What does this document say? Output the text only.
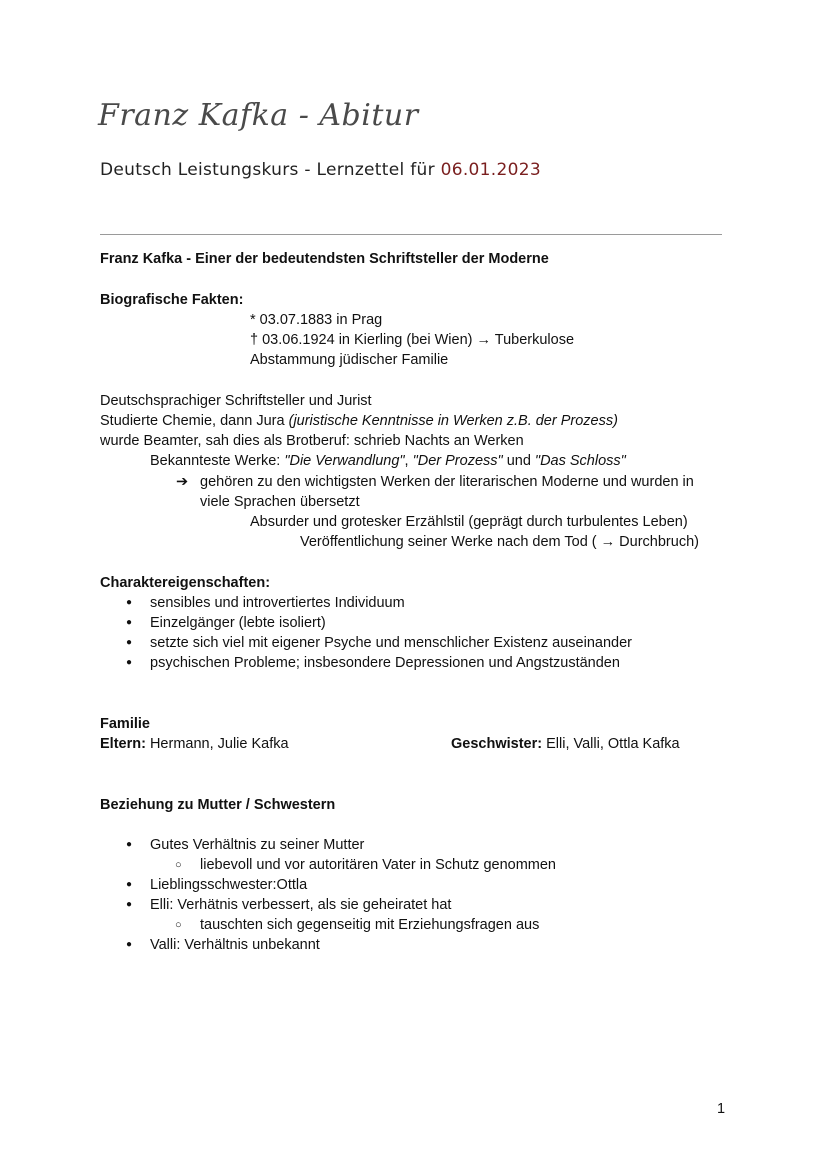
Franz Kafka - Abitur
Deutsch Leistungskurs - Lernzettel für 06.01.2023
Franz Kafka - Einer der bedeutendsten Schriftsteller der Moderne
Biografische Fakten:
* 03.07.1883 in Prag
† 03.06.1924 in Kierling (bei Wien) → Tuberkulose
Abstammung jüdischer Familie
Deutschsprachiger Schriftsteller und Jurist
Studierte Chemie, dann Jura (juristische Kenntnisse in Werken z.B. der Prozess)
wurde Beamter, sah dies als Brotberuf: schrieb Nachts an Werken
Bekannteste Werke: "Die Verwandlung", "Der Prozess" und "Das Schloss"
➔ gehören zu den wichtigsten Werken der literarischen Moderne und wurden in
viele Sprachen übersetzt
Absurder und grotesker Erzählstil (geprägt durch turbulentes Leben)
Veröffentlichung seiner Werke nach dem Tod ( → Durchbruch)
Charaktereigenschaften:
● sensibles und introvertiertes Individuum
● Einzelgänger (lebte isoliert)
● setzte sich viel mit eigener Psyche und menschlicher Existenz auseinander
● psychischen Probleme; insbesondere Depressionen und Angstzuständen
Familie
Eltern: Hermann, Julie Kafka	Geschwister: Elli, Valli, Ottla Kafka
Beziehung zu Mutter / Schwestern
● Gutes Verhältnis zu seiner Mutter
○ liebevoll und vor autoritären Vater in Schutz genommen
● Lieblingsschwester:Ottla
● Elli: Verhätnis verbessert, als sie geheiratet hat
○ tauschten sich gegenseitig mit Erziehungsfragen aus
● Valli: Verhältnis unbekannt
1
